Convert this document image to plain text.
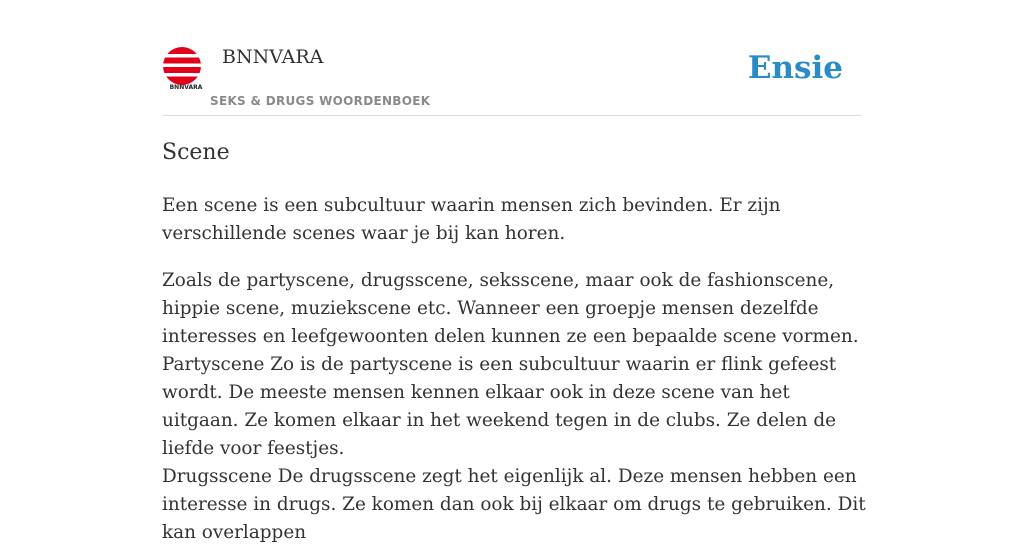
BNNVARA
BNNVARA
SEKS & DRUGS WOORDENBOEK
Ensie
Scene

Een scene is een subcultuur waarin mensen zich bevinden. Er zijn verschillende scenes waar je bij kan horen.

Zoals de partyscene, drugsscene, seksscene, maar ook de fashionscene, hippie scene, muziekscene etc. Wanneer een groepje mensen dezelfde interesses en leefgewoonten delen kunnen ze een bepaalde scene vormen. Partyscene Zo is de partyscene is een subcultuur waarin er flink gefeest wordt. De meeste mensen kennen elkaar ook in deze scene van het uitgaan. Ze komen elkaar in het weekend tegen in de clubs. Ze delen de liefde voor feestjes.

Drugsscene De drugsscene zegt het eigenlijk al. Deze mensen hebben een interesse in drugs. Ze komen dan ook bij elkaar om drugs te gebruiken. Dit kan overlappen
